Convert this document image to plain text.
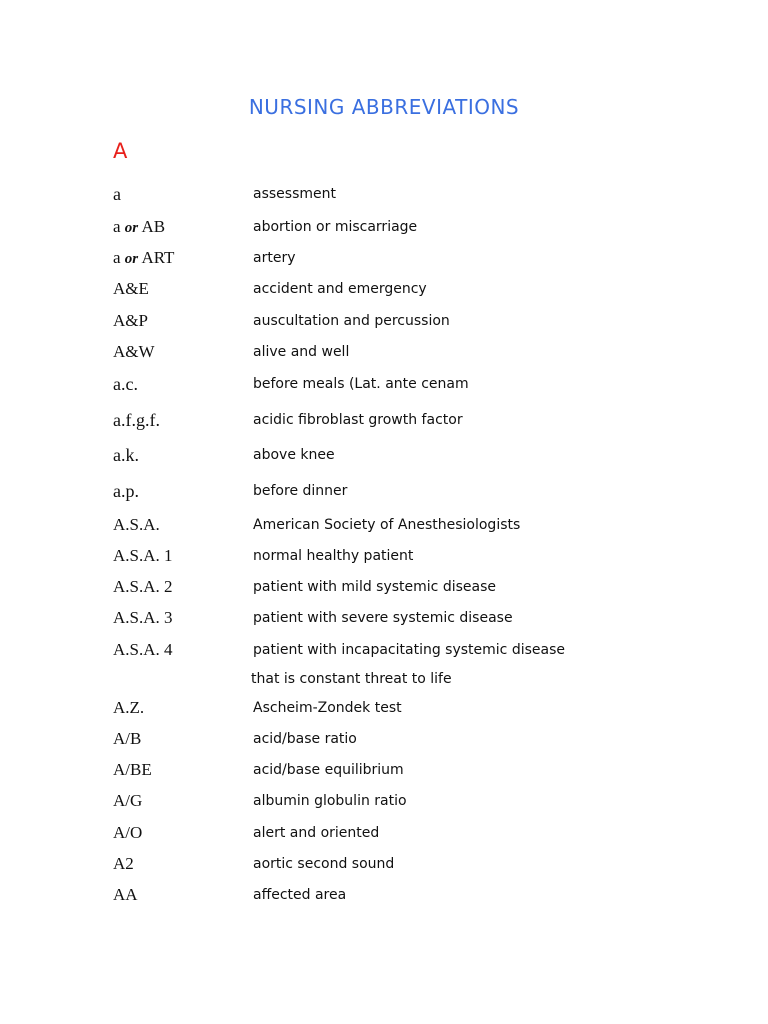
NURSING ABBREVIATIONS
A
a	assessment
a or AB	abortion or miscarriage
a or ART	artery
A&E	accident and emergency
A&P	auscultation and percussion
A&W	alive and well
a.c.	before meals (Lat. ante cenam
a.f.g.f.	acidic fibroblast growth factor
a.k.	above knee
a.p.	before dinner
A.S.A.	American Society of Anesthesiologists
A.S.A. 1	normal healthy patient
A.S.A. 2	patient with mild systemic disease
A.S.A. 3	patient with severe systemic disease
A.S.A. 4	patient with incapacitating systemic disease
that is constant threat to life
A.Z.	Ascheim-Zondek test
A/B	acid/base ratio
A/BE	acid/base equilibrium
A/G	albumin globulin ratio
A/O	alert and oriented
A2	aortic second sound
AA	affected area
